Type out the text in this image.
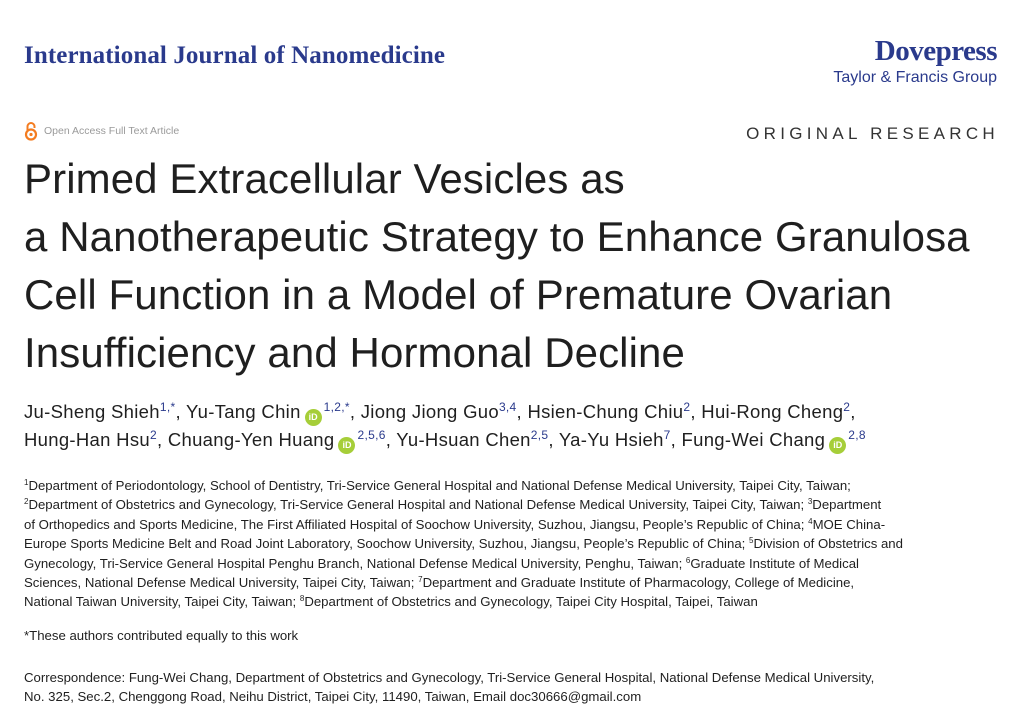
International Journal of Nanomedicine	Dovepress
Taylor & Francis Group
Open Access Full Text Article	ORIGINAL RESEARCH
Primed Extracellular Vesicles as
a Nanotherapeutic Strategy to Enhance Granulosa
Cell Function in a Model of Premature Ovarian
Insufficiency and Hormonal Decline
Ju-Sheng Shieh$^{1,*}$, Yu-Tang Chin $iD^{1,2,*}$, Jiong Jiong Guo$^{3,4}$, Hsien-Chung Chiu$^2$, Hui-Rong Cheng$^2$,
Hung-Han Hsu$^2$, Chuang-Yen Huang iD$^{2,5,6}$, Yu-Hsuan Chen$^{2,5}$, Ya-Yu Hsieh$^7$, Fung-Wei Chang iD$^{2,8}$
$^1$Department of Periodontology, School of Dentistry, Tri-Service General Hospital and National Defense Medical University, Taipei City, Taiwan;
$^2$Department of Obstetrics and Gynecology, Tri-Service General Hospital and National Defense Medical University, Taipei City, Taiwan; $^3$Department
of Orthopedics and Sports Medicine, The First Affiliated Hospital of Soochow University, Suzhou, Jiangsu, People’s Republic of China; $^4$MOE China-
Europe Sports Medicine Belt and Road Joint Laboratory, Soochow University, Suzhou, Jiangsu, People’s Republic of China; $^5$Division of Obstetrics and
Gynecology, Tri-Service General Hospital Penghu Branch, National Defense Medical University, Penghu, Taiwan; $^6$Graduate Institute of Medical
Sciences, National Defense Medical University, Taipei City, Taiwan; $^7$Department and Graduate Institute of Pharmacology, College of Medicine,
National Taiwan University, Taipei City, Taiwan; $^8$Department of Obstetrics and Gynecology, Taipei City Hospital, Taipei, Taiwan
*These authors contributed equally to this work
Correspondence: Fung-Wei Chang, Department of Obstetrics and Gynecology, Tri-Service General Hospital, National Defense Medical University,
No. 325, Sec.2, Chenggong Road, Neihu District, Taipei City, 11490, Taiwan, Email doc30666@gmail.com
